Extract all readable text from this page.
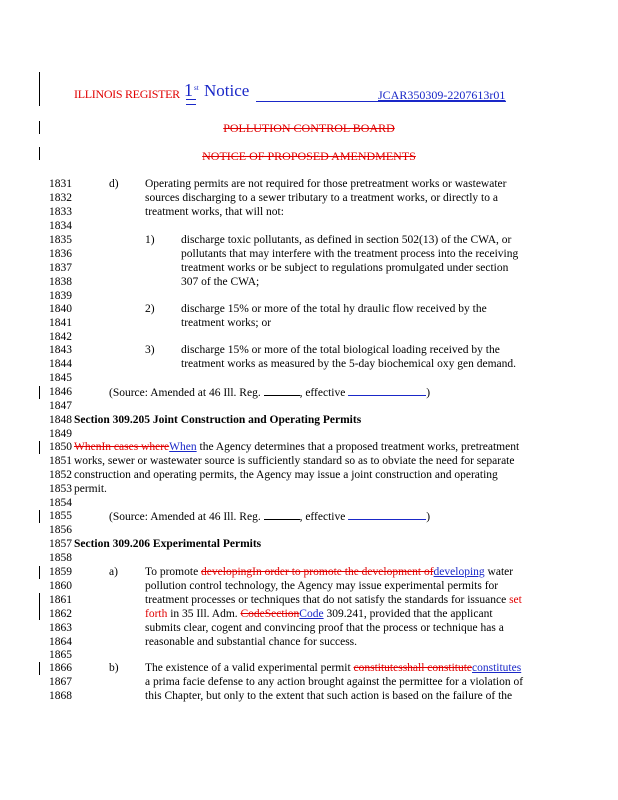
ILLINOIS REGISTER 1st Notice	JCAR350309-2207613r01
POLLUTION CONTROL BOARD
NOTICE OF PROPOSED AMENDMENTS
1831
1832
1833
1834
1835
1836
1837
1838
1839
1840
1841
1842
1843
1844
1845
1846
1847
1848
1849
1850
1851
1852
1853
1854
1855
1856
1857
1858
1859
1860
1861
1862
1863
1864
1865
1866
1867
1868
d) Operating permits are not required for those pretreatment works or wastewater
sources discharging to a sewer tributary to a treatment works, or directly to a
treatment works, that will not:
1) discharge toxic pollutants, as defined in section 502(13) of the CWA, or
pollutants that may interfere with the treatment process into the receiving
treatment works or be subject to regulations promulgated under section
307 of the CWA;
2) discharge 15% or more of the total hy draulic flow received by the
treatment works; or
3) discharge 15% or more of the total biological loading received by the
treatment works as measured by the 5-day biochemical oxy gen demand.
(Source: Amended at 46 Ill. Reg.	, effective	)
Section 309.205 Joint Construction and Operating Permits
WhenIn cases whereWhen the Agency determines that a proposed treatment works, pretreatment
works, sewer or wastewater source is sufficiently standard so as to obviate the need for separate
construction and operating permits, the Agency may issue a joint construction and operating
permit.
(Source: Amended at 46 Ill. Reg.	, effective	)
Section 309.206 Experimental Permits
a) To promote developingIn order to promote the development ofdeveloping water
pollution control technology, the Agency may issue experimental permits for
treatment processes or techniques that do not satisfy the standards for issuance set
forth in 35 Ill. Adm. CodeSectionCode 309.241, provided that the applicant
submits clear, cogent and convincing proof that the process or technique has a
reasonable and substantial chance for success.
b) The existence of a valid experimental permit constitutesshall constituteconstitutes
a prima facie defense to any action brought against the permittee for a violation of
this Chapter, but only to the extent that such action is based on the failure of the
